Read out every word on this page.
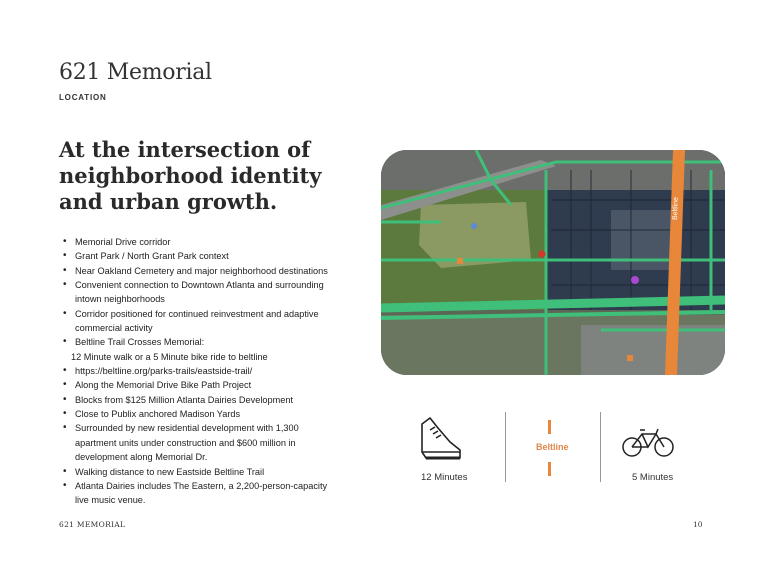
621 Memorial
LOCATION
At the intersection of
neighborhood identity
and urban growth.
• Memorial Drive corridor
• Grant Park / North Grant Park context
• Near Oakland Cemetery and major neighborhood destinations
• Convenient connection to Downtown Atlanta and surrounding
intown neighborhoods
• Corridor positioned for continued reinvestment and adaptive
commercial activity
• Beltline Trail Crosses Memorial:
12 Minute walk or a 5 Minute bike ride to beltline
• https://beltline.org/parks-trails/eastside-trail/
• Along the Memorial Drive Bike Path Project
• Blocks from $125 Million Atlanta Dairies Development
• Close to Publix anchored Madison Yards
• Surrounded by new residential development with 1,300
apartment units under construction and $600 million in
development along Memorial Dr.
• Walking distance to new Eastside Beltline Trail
• Atlanta Dairies includes The Eastern, a 2,200-person-capacity
live music venue.
Beltline
12 Minutes
Beltline
5 Minutes
621 MEMORIAL	10
